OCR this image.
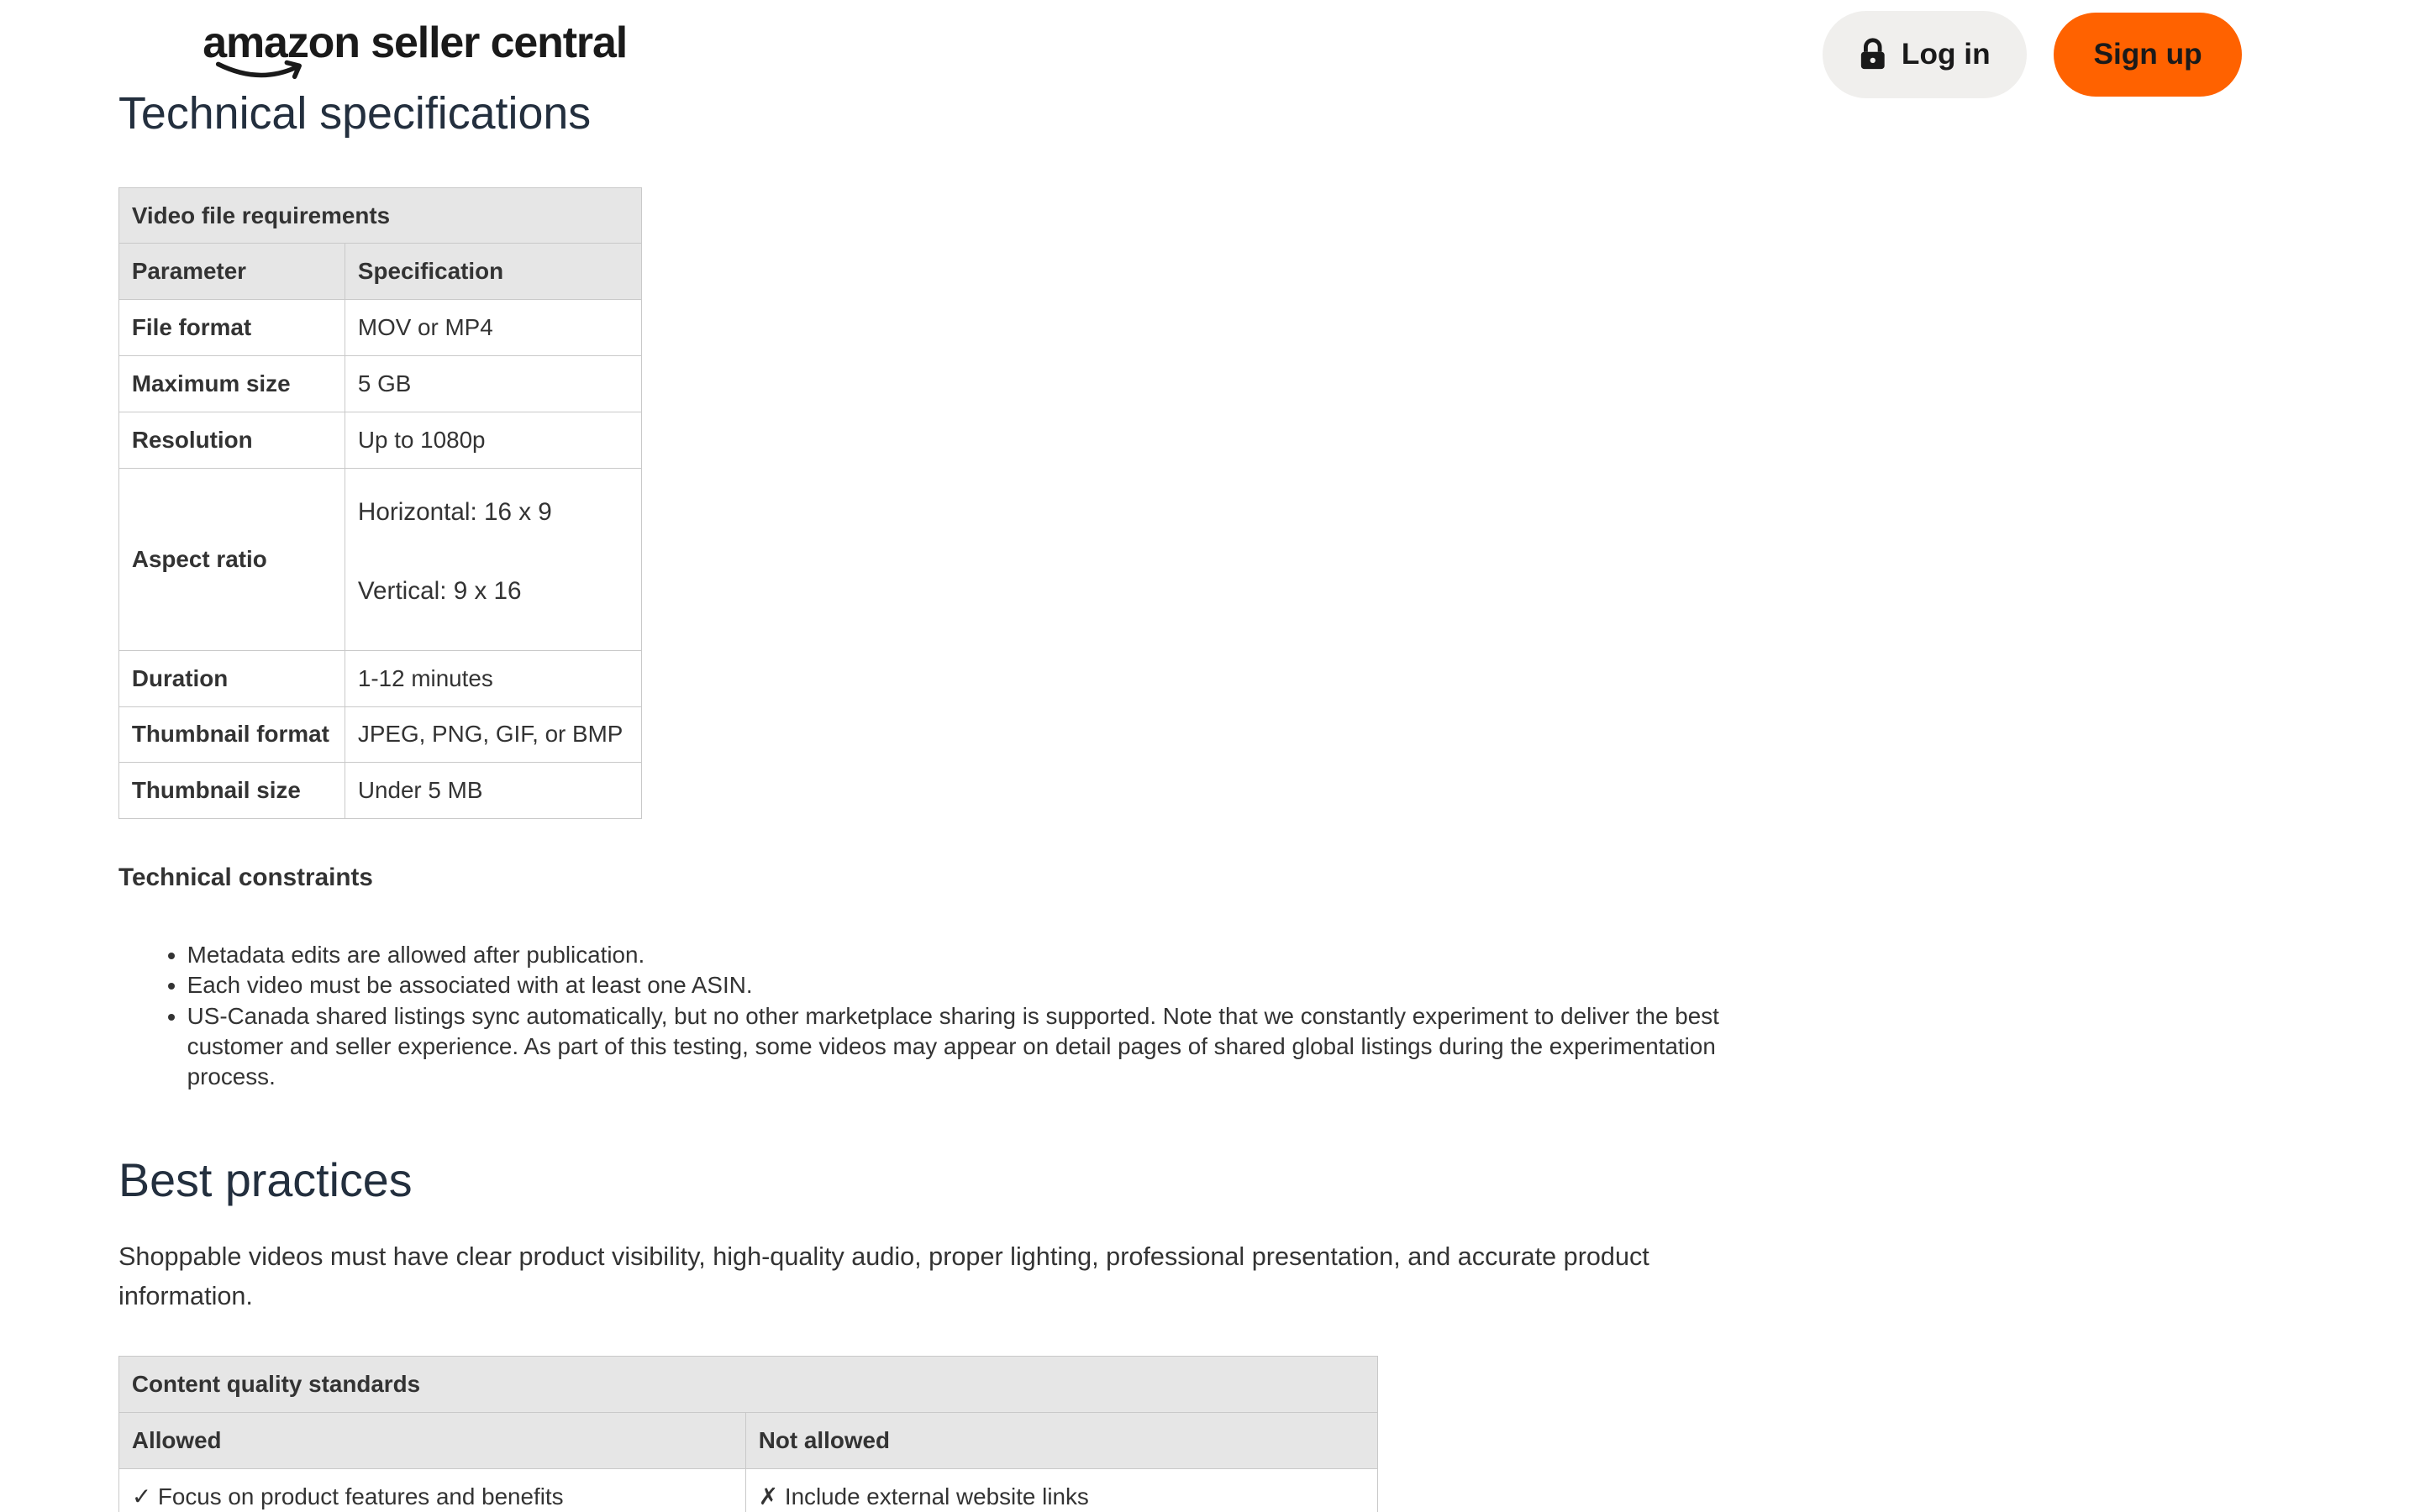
Technical specifications
amazon seller central	Log in	Sign up
Video file requirements	
Parameter	Specification
File format	MOV or MP4
Maximum size	5 GB
Resolution	Up to 1080p
Aspect ratio	Horizontal: 16 x 9
Vertical: 9 x 16

Duration	1-12 minutes
Thumbnail format	JPEG, PNG, GIF, or BMP
Thumbnail size	Under 5 MB
Technical constraints
• Metadata edits are allowed after publication.
• Each video must be associated with at least one ASIN.
• US-Canada shared listings sync automatically, but no other marketplace sharing is supported. Note that we constantly experiment to deliver the best customer and seller experience. As part of this testing, some videos may appear on detail pages of shared global listings during the experimentation process.
Best practices

Shoppable videos must have clear product visibility, high-quality audio, proper lighting, professional presentation, and accurate product information.

Content quality standards	
Allowed	Not allowed
✓ Focus on product features and benefits	✗ Include external website links
